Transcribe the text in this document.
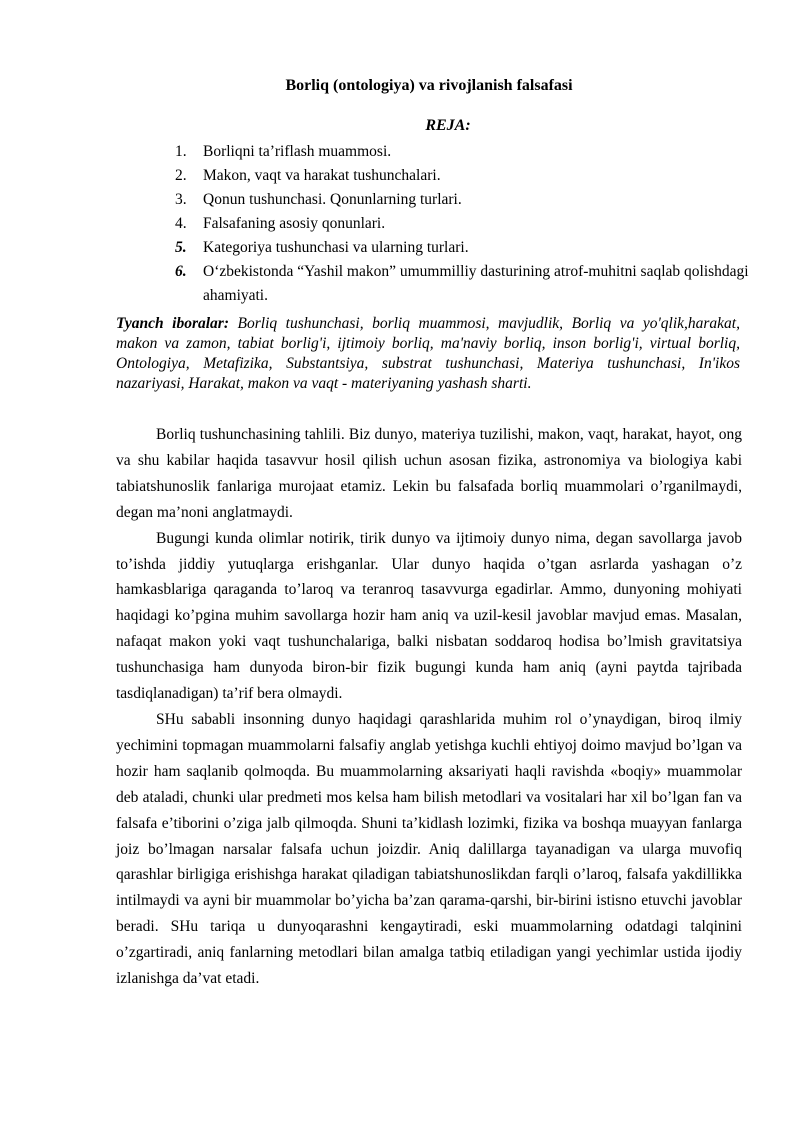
Borliq (ontologiya) va rivojlanish falsafasi
REJA:
1. Borliqni ta’riflash muammosi.
2. Makon, vaqt va harakat tushunchalari.
3. Qonun tushunchasi. Qonunlarning turlari.
4. Falsafaning asosiy qonunlari.
5. Kategoriya tushunchasi va ularning turlari.
6. O‘zbekistonda “Yashil makon” umummilliy dasturining atrof-muhitni saqlab qolishdagi ahamiyati.
Tyanch iboralar: Borliq tushunchasi, borliq muammosi, mavjudlik, Borliq va yo'qlik,harakat, makon va zamon, tabiat borlig'i, ijtimoiy borliq, ma'naviy borliq, inson borlig'i, virtual borliq, Ontologiya, Metafizika, Substantsiya, substrat tushunchasi, Materiya tushunchasi, In'ikos nazariyasi, Harakat, makon va vaqt - materiyaning yashash sharti.

Borliq tushunchasining tahlili. Biz dunyo, materiya tuzilishi, makon, vaqt, harakat, hayot, ong va shu kabilar haqida tasavvur hosil qilish uchun asosan fizika, astronomiya va biologiya kabi tabiatshunoslik fanlariga murojaat etamiz. Lekin bu falsafada borliq muammolari o’rganilmaydi, degan ma’noni anglatmaydi.

Bugungi kunda olimlar notirik, tirik dunyo va ijtimoiy dunyo nima, degan savollarga javob to’ishda jiddiy yutuqlarga erishganlar. Ular dunyo haqida o’tgan asrlarda yashagan o’z hamkasblariga qaraganda to’laroq va teranroq tasavvurga egadirlar. Ammo, dunyoning mohiyati haqidagi ko’pgina muhim savollarga hozir ham aniq va uzil-kesil javoblar mavjud emas. Masalan, nafaqat makon yoki vaqt tushunchalariga, balki nisbatan soddaroq hodisa bo’lmish gravitatsiya tushunchasiga ham dunyoda biron-bir fizik bugungi kunda ham aniq (ayni paytda tajribada tasdiqlanadigan) ta’rif bera olmaydi.

SHu sababli insonning dunyo haqidagi qarashlarida muhim rol o’ynaydigan, biroq ilmiy yechimini topmagan muammolarni falsafiy anglab yetishga kuchli ehtiyoj doimo mavjud bo’lgan va hozir ham saqlanib qolmoqda. Bu muammolarning aksariyati haqli ravishda «boqiy» muammolar deb ataladi, chunki ular predmeti mos kelsa ham bilish metodlari va vositalari har xil bo’lgan fan va falsafa e’tiborini o’ziga jalb qilmoqda. Shuni ta’kidlash lozimki, fizika va boshqa muayyan fanlarga joiz bo’lmagan narsalar falsafa uchun joizdir. Aniq dalillarga tayanadigan va ularga muvofiq qarashlar birligiga erishishga harakat qiladigan tabiatshunoslikdan farqli o’laroq, falsafa yakdillikka intilmaydi va ayni bir muammolar bo’yicha ba’zan qarama-qarshi, bir-birini istisno etuvchi javoblar beradi. SHu tariqa u dunyoqarashni kengaytiradi, eski muammolarning odatdagi talqinini o’zgartiradi, aniq fanlarning metodlari bilan amalga tatbiq etiladigan yangi yechimlar ustida ijodiy izlanishga da’vat etadi.
